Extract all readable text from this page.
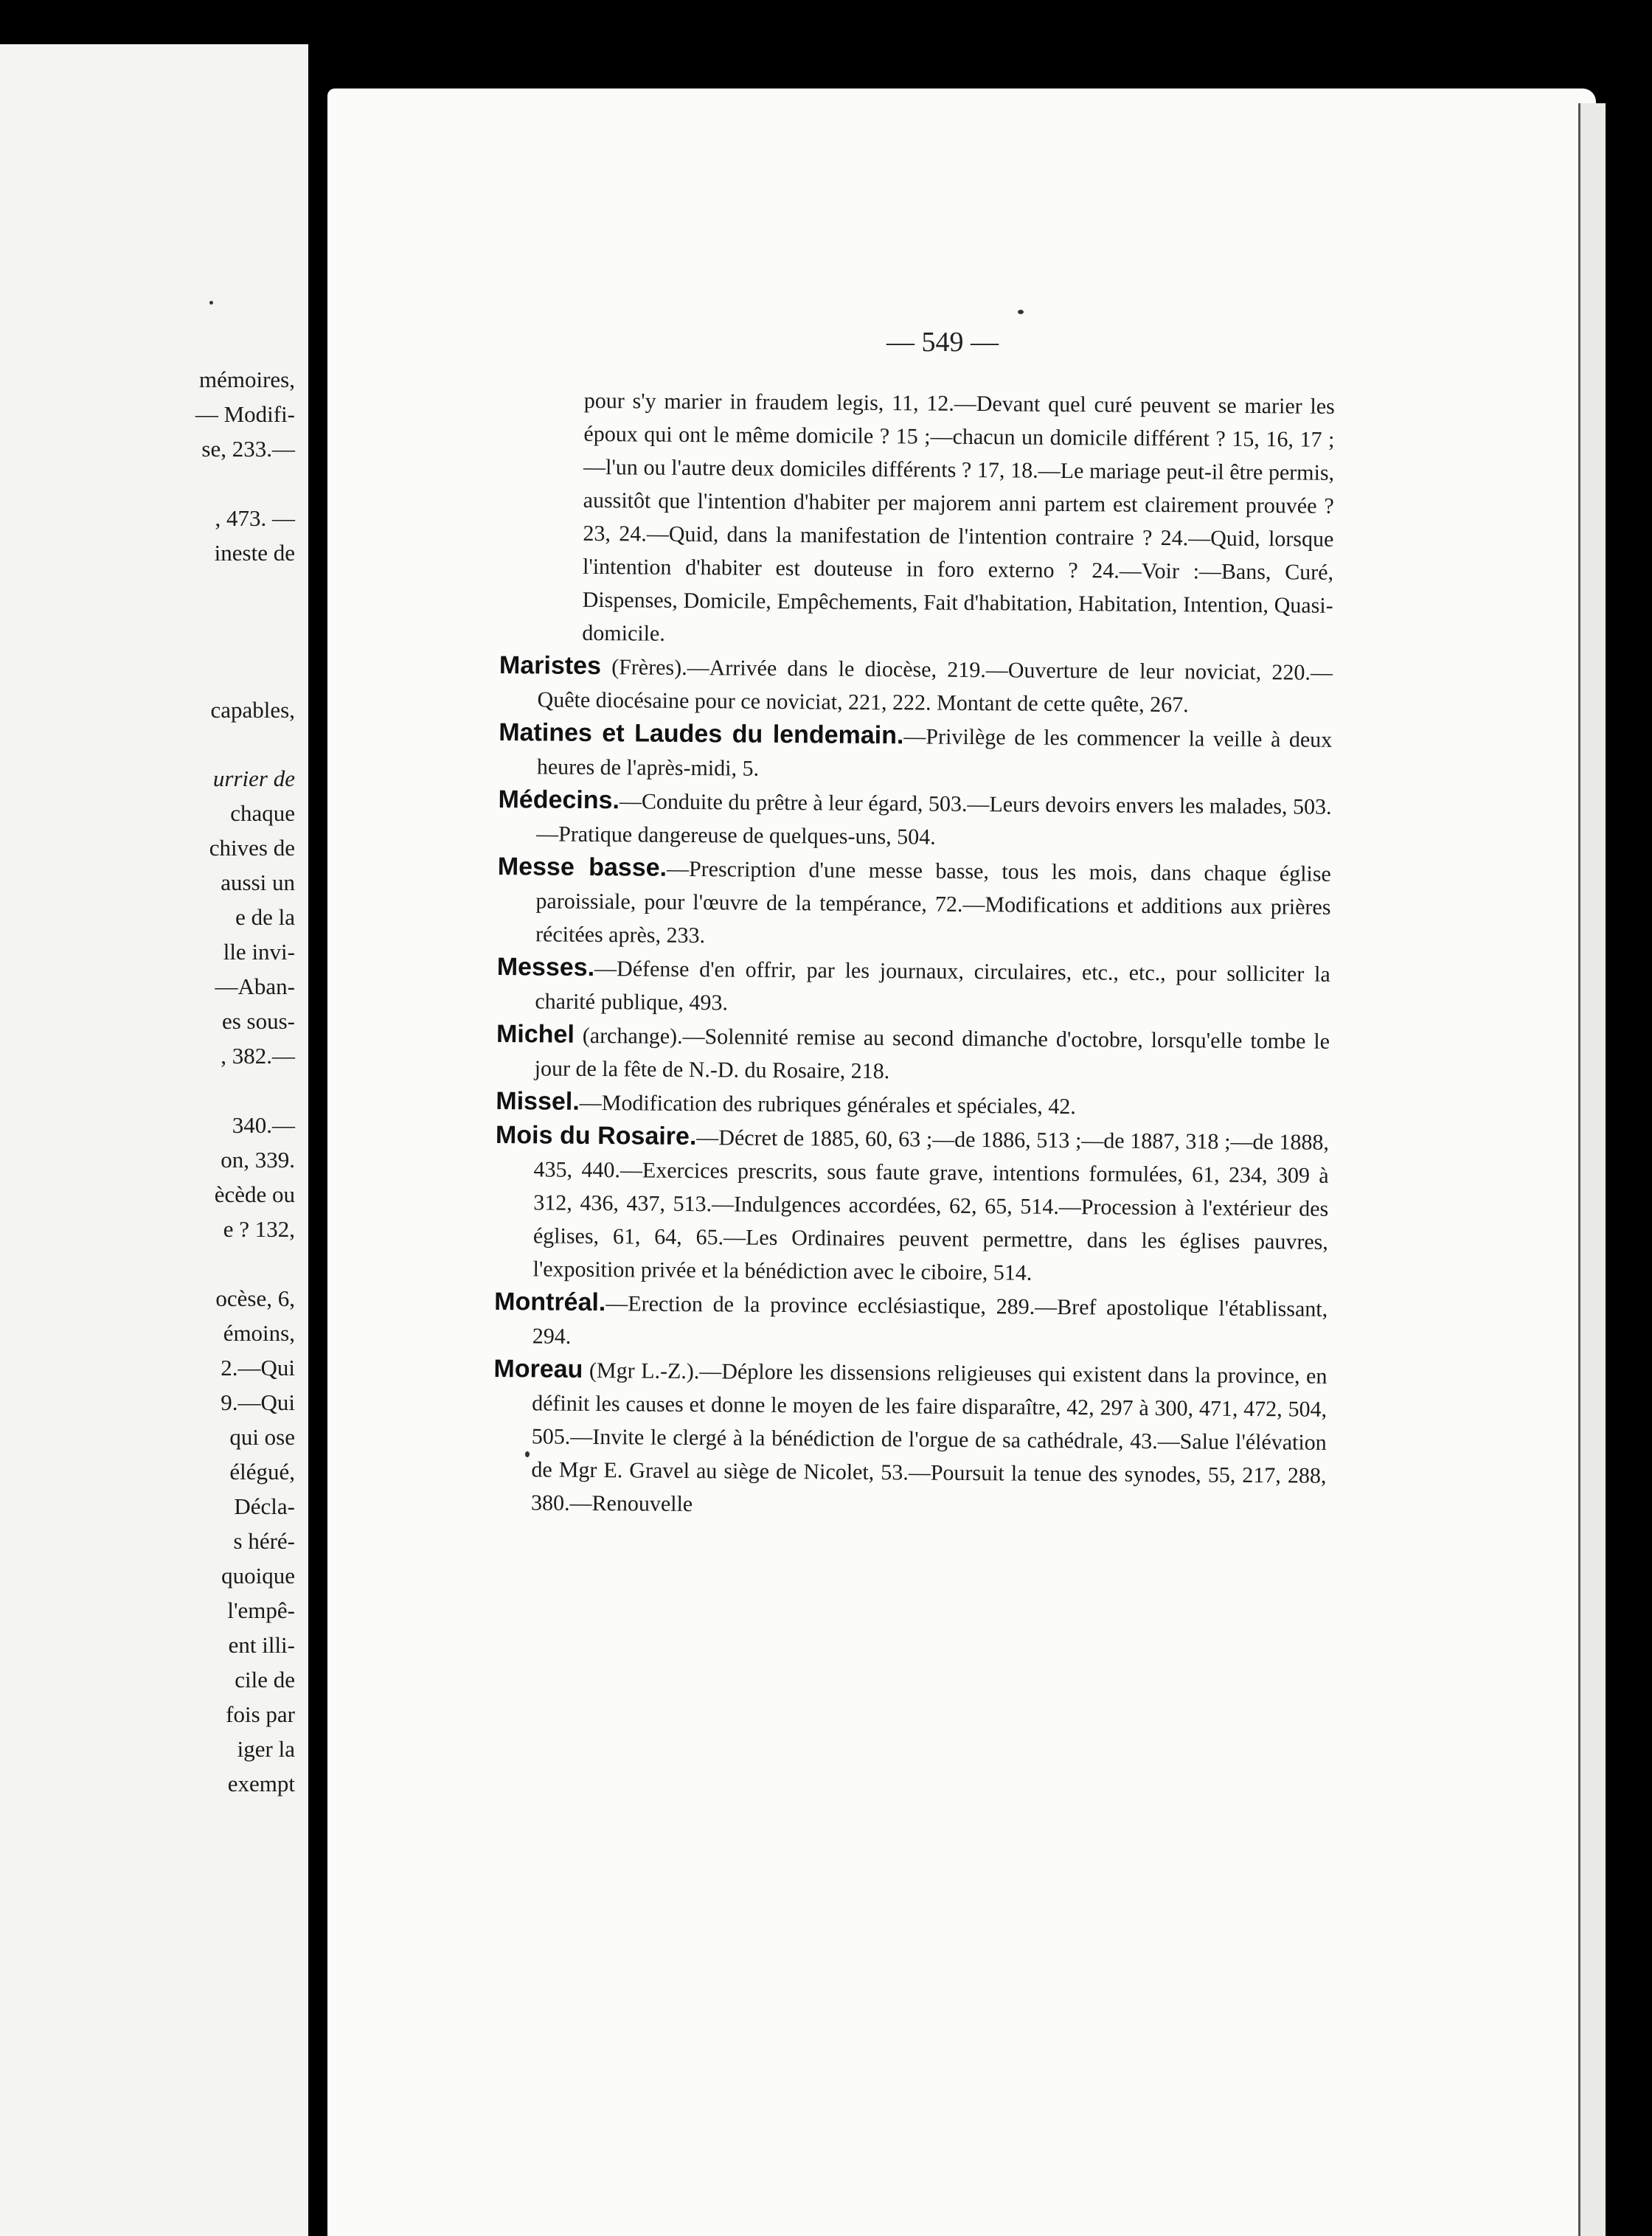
mémoires,
— Modifi-
se, 233.—
, 473. —
ineste de
capables,
urrier de
chaque
chives de
aussi un
e de la
lle invi-
—Aban-
es sous-
, 382.—
340.—
on, 339.
ècède ou
e ? 132,
ocèse, 6,
émoins,
2.—Qui
9.—Qui
qui ose
élégué,
Décla-
s héré-
quoique
l'empê-
ent illi-
cile de
fois par
iger la
exempt
— 549 —

pour s'y marier in fraudem legis, 11, 12.—Devant quel curé peuvent se marier les époux qui ont le même domicile ? 15 ;—chacun un domicile différent ? 15, 16, 17 ;—l'un ou l'autre deux domiciles différents ? 17, 18.—Le mariage peut-il être permis, aussitôt que l'intention d'habiter per majorem anni partem est clairement prouvée ? 23, 24.—Quid, dans la manifestation de l'intention contraire ? 24.—Quid, lorsque l'intention d'habiter est douteuse in foro externo ? 24.—Voir :—Bans, Curé, Dispenses, Domicile, Empêchements, Fait d'habitation, Habitation, Intention, Quasi-domicile.

Maristes (Frères).—Arrivée dans le diocèse, 219.—Ouverture de leur noviciat, 220.—Quête diocésaine pour ce noviciat, 221, 222. Montant de cette quête, 267.

Matines et Laudes du lendemain.—Privilège de les commencer la veille à deux heures de l'après-midi, 5.

Médecins.—Conduite du prêtre à leur égard, 503.—Leurs devoirs envers les malades, 503.—Pratique dangereuse de quelques-uns, 504.

Messe basse.—Prescription d'une messe basse, tous les mois, dans chaque église paroissiale, pour l'œuvre de la tempérance, 72.—Modifications et additions aux prières récitées après, 233.

Messes.—Défense d'en offrir, par les journaux, circulaires, etc., etc., pour solliciter la charité publique, 493.

Michel (archange).—Solennité remise au second dimanche d'octobre, lorsqu'elle tombe le jour de la fête de N.-D. du Rosaire, 218.

Missel.—Modification des rubriques générales et spéciales, 42.

Mois du Rosaire.—Décret de 1885, 60, 63 ;—de 1886, 513 ;—de 1887, 318 ;—de 1888, 435, 440.—Exercices prescrits, sous faute grave, intentions formulées, 61, 234, 309 à 312, 436, 437, 513.—Indulgences accordées, 62, 65, 514.—Procession à l'extérieur des églises, 61, 64, 65.—Les Ordinaires peuvent permettre, dans les églises pauvres, l'exposition privée et la bénédiction avec le ciboire, 514.

Montréal.—Erection de la province ecclésiastique, 289.—Bref apostolique l'établissant, 294.

Moreau (Mgr L.-Z.).—Déplore les dissensions religieuses qui existent dans la province, en définit les causes et donne le moyen de les faire disparaître, 42, 297 à 300, 471, 472, 504, 505.—Invite le clergé à la bénédiction de l'orgue de sa cathédrale, 43.—Salue l'élévation de Mgr E. Gravel au siège de Nicolet, 53.—Poursuit la tenue des synodes, 55, 217, 288, 380.—Renouvelle
